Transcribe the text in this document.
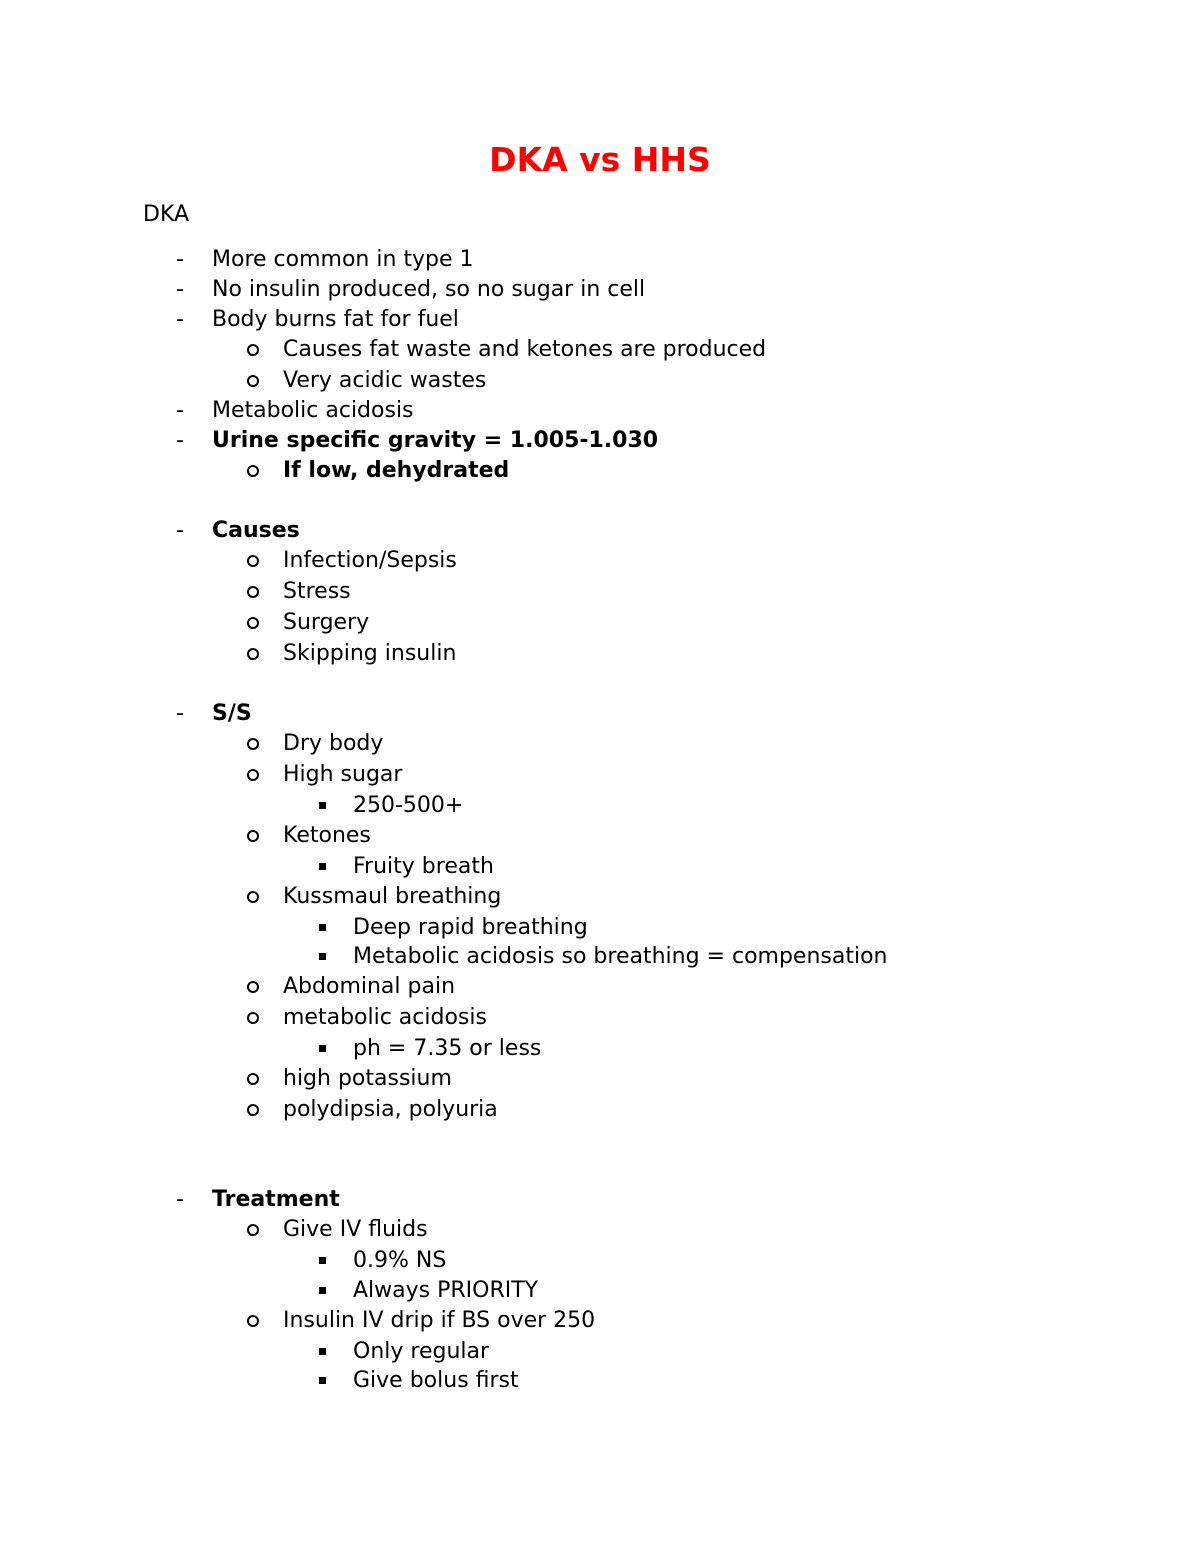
DKA vs HHS
DKA
- More common in type 1
- No insulin produced, so no sugar in cell
- Body burns fat for fuel
Causes fat waste and ketones are produced
Very acidic wastes
- Metabolic acidosis
- Urine specific gravity = 1.005-1.030
If low, dehydrated
- Causes
Infection/Sepsis
Stress
Surgery
Skipping insulin
- S/S
Dry body
High sugar
250-500+
Ketones
Fruity breath
Kussmaul breathing
Deep rapid breathing
Metabolic acidosis so breathing = compensation
Abdominal pain
metabolic acidosis
ph = 7.35 or less
high potassium
polydipsia, polyuria
- Treatment
Give IV fluids
0.9% NS
Always PRIORITY
Insulin IV drip if BS over 250
Only regular
Give bolus first
